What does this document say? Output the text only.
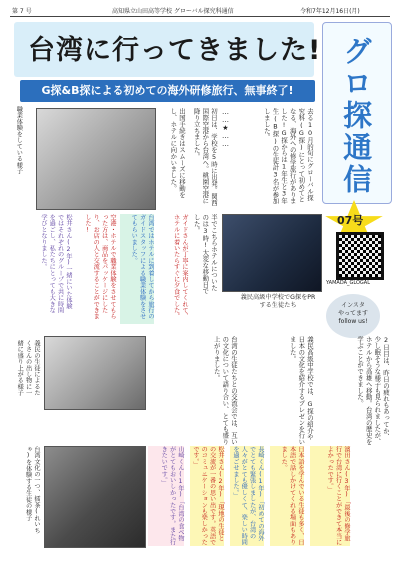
第 7 号	高知県立山田高等学校 グローバル探究科通信	令和7年12月16日(月)
台湾に行ってきました!
G探&B探による初めての海外研修旅行、無事終了!	グロ探通信
07号
YAMADA_GLOGAL
インスタ
やってます
follow us!
職業体験をしている様子	去る10月的旬にグローバル探究科(G探)にとって初めてとなる、海外への修学旅行がありました!G探からは1年生と3年生(B探)の生徒計3名が参加しました。
初日は、学校を5時に出発。関西国際空港から台湾へ。桃園空港に降り立ちました。	……★……
出国手続きはスムーズに移動をし、ホテルに向かいました。
松井さん(2年)一緒にいた体験ではそれぞれのグループで共に時間を過ごし、私たちにとっても大きな学びとなりました。	空港・ホテルで職業体験をさせてもらった方は、商品をパッケージにしたり、お店の人と交流することができました!	台湾ではホテルに到着してから旅行のガイドスタッフによる職業体験をさせてもらいました。	ガイドさんが丁寧に案内してくれて、ホテルに着いたらすぐに夕食でした。	半でこちらホテルについたのは3時!大変な移動日でした。
義民高級中学校でG探をPRする生徒たち
義民の生徒によるたくさんの出し物に一緒に盛り上がる様子	台湾の生徒たちとの交流会では、互いの文化について語り合い、とても盛り上がりました。	義民高級中学校では、G探の紹介や日本の文化を紹介するプレゼンを行いました。	2日目は、昨日の疲れもあってか、少し眠そうな様子も見られましたが、ホテルから高雄へ移動。台湾の歴史を学ぶことができました。
台湾文化の一つ、擂茶(れいちゃ)を体験する生徒の様子	山崎くん(1年)「台湾の食べ物がとてもおいしかったです。また行きたいです。」	松井さん(2年)「現地の生徒との交流が一番の思い出です。英語でのコミュニケーションも楽しかったです。」	長崎くん(1年)「初めての海外でとても緊張しましたが、台湾の人々がとても優しくて、楽しい時間を過ごせました。」	日本語を学んでいる生徒も多く、日本語で話しかけてくれる場面もありました。	濱田さん(3年)「最後の修学旅行で台湾に行くことができて本当によかったです。」
